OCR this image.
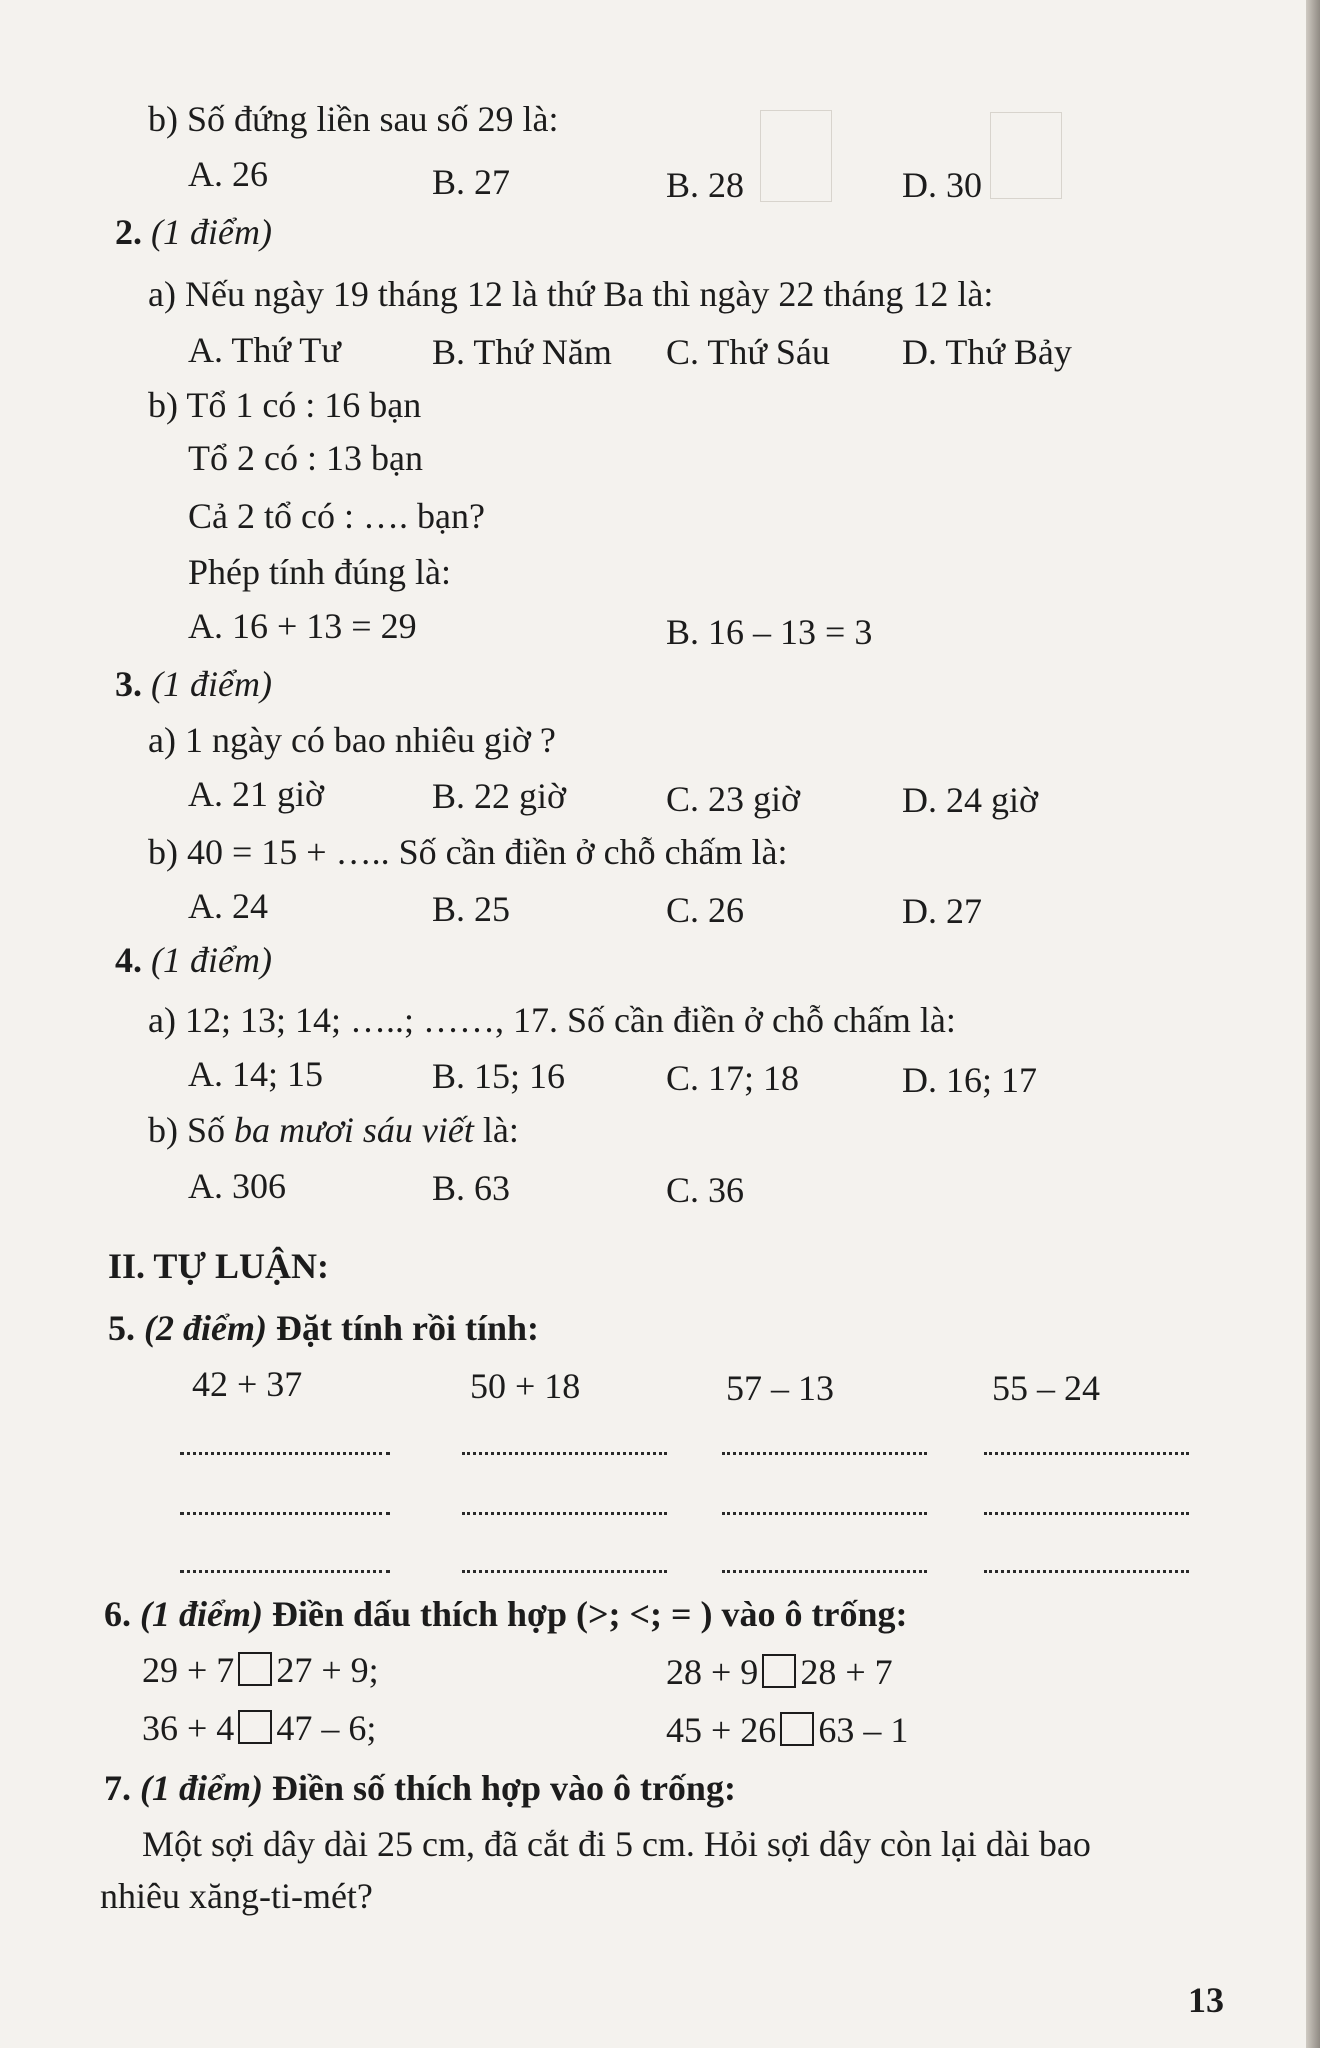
b) Số đứng liền sau số 29 là:
A. 26	B. 27	B. 28	D. 30
2. (1 điểm)
a) Nếu ngày 19 tháng 12 là thứ Ba thì ngày 22 tháng 12 là:
A. Thứ Tư	B. Thứ Năm C. Thứ Sáu D. Thứ Bảy
b) Tổ 1 có : 16 bạn
Tổ 2 có : 13 bạn
Cả 2 tổ có : …. bạn?
Phép tính đúng là:
A. 16 + 13 = 29	B. 16 – 13 = 3
3. (1 điểm)
a) 1 ngày có bao nhiêu giờ ?
A. 21 giờ	B. 22 giờ	C. 23 giờ	D. 24 giờ
b) 40 = 15 + ….. Số cần điền ở chỗ chấm là:
A. 24	B. 25	C. 26	D. 27
4. (1 điểm)
a) 12; 13; 14; …..; ……, 17. Số cần điền ở chỗ chấm là:
A. 14; 15	B. 15; 16	C. 17; 18	D. 16; 17
b) Số ba mươi sáu viết là:
A. 306	B. 63	C. 36
II. TỰ LUẬN:
5. (2 điểm) Đặt tính rồi tính:
42 + 37	50 + 18	57 – 13	55 – 24
6. (1 điểm) Điền dấu thích hợp (>; <; = ) vào ô trống:
29 + 7 27 + 9;	28 + 9 28 + 7
36 + 4 47 – 6;	45 + 26 63 – 1
7. (1 điểm) Điền số thích hợp vào ô trống:
Một sợi dây dài 25 cm, đã cắt đi 5 cm. Hỏi sợi dây còn lại dài bao
nhiêu xăng-ti-mét?
13
